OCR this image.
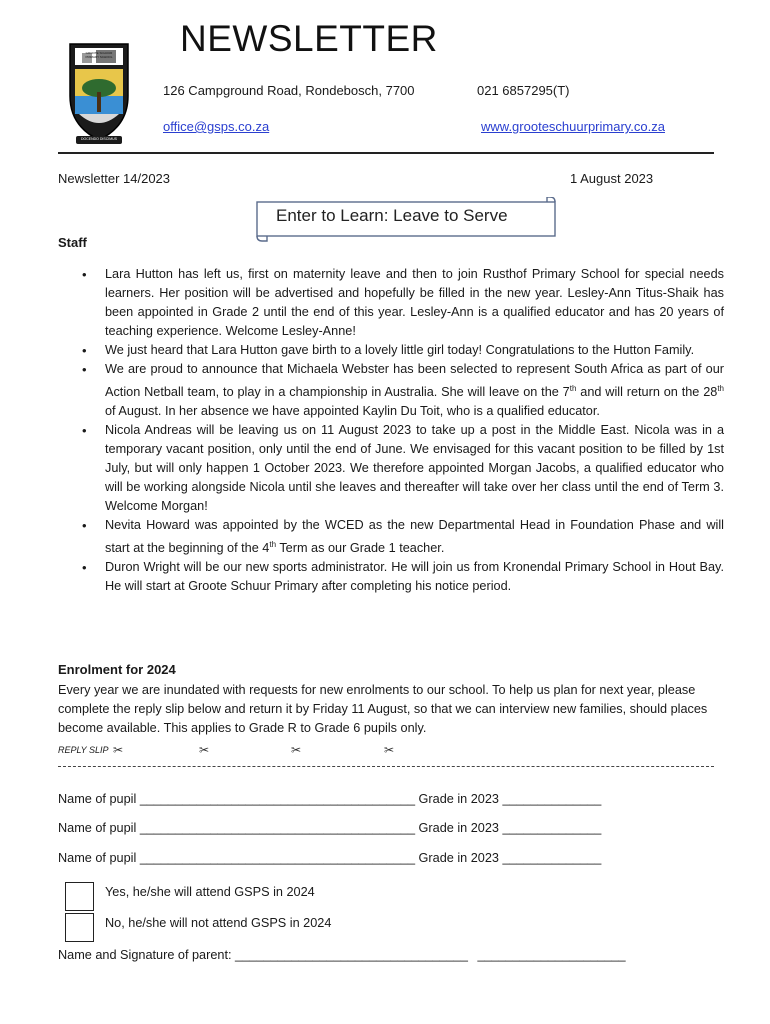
GROOTE SCHUUR PRIMARY SCHOOL
DOCENDO DISCIMUS
NEWSLETTER
126 Campground Road, Rondebosch, 7700	021 6857295(T)
office@gsps.co.za	www.grooteschuurprimary.co.za
Newsletter 14/2023	1 August 2023
Enter to Learn: Leave to Serve
Staff
• Lara Hutton has left us, first on maternity leave and then to join Rusthof Primary School for special needs learners. Her position will be advertised and hopefully be filled in the new year. Lesley-Ann Titus-Shaik has been appointed in Grade 2 until the end of this year. Lesley-Ann is a qualified educator and has 20 years of teaching experience. Welcome Lesley-Anne!
• We just heard that Lara Hutton gave birth to a lovely little girl today! Congratulations to the Hutton Family.
• We are proud to announce that Michaela Webster has been selected to represent South Africa as part of our Action Netball team, to play in a championship in Australia. She will leave on the 7th and will return on the 28th of August. In her absence we have appointed Kaylin Du Toit, who is a qualified educator.
• Nicola Andreas will be leaving us on 11 August 2023 to take up a post in the Middle East. Nicola was in a temporary vacant position, only until the end of June. We envisaged for this vacant position to be filled by 1st July, but will only happen 1 October 2023. We therefore appointed Morgan Jacobs, a qualified educator who will be working alongside Nicola until she leaves and thereafter will take over her class until the end of Term 3. Welcome Morgan!
• Nevita Howard was appointed by the WCED as the new Departmental Head in Foundation Phase and will start at the beginning of the 4th Term as our Grade 1 teacher.
• Duron Wright will be our new sports administrator. He will join us from Kronendal Primary School in Hout Bay. He will start at Groote Schuur Primary after completing his notice period.
Enrolment for 2024
Every year we are inundated with requests for new enrolments to our school. To help us plan for next year, please complete the reply slip below and return it by Friday 11 August, so that we can interview new families, should places become available. This applies to Grade R to Grade 6 pupils only.
REPLY SLIP ✂	✂	✂	✂
Name of pupil _______________________________________ Grade in 2023 ______________
Name of pupil _______________________________________ Grade in 2023 ______________
Name of pupil _______________________________________ Grade in 2023 ______________
Yes, he/she will attend GSPS in 2024
No, he/she will not attend GSPS in 2024
Name and Signature of parent: _________________________________ _____________________
